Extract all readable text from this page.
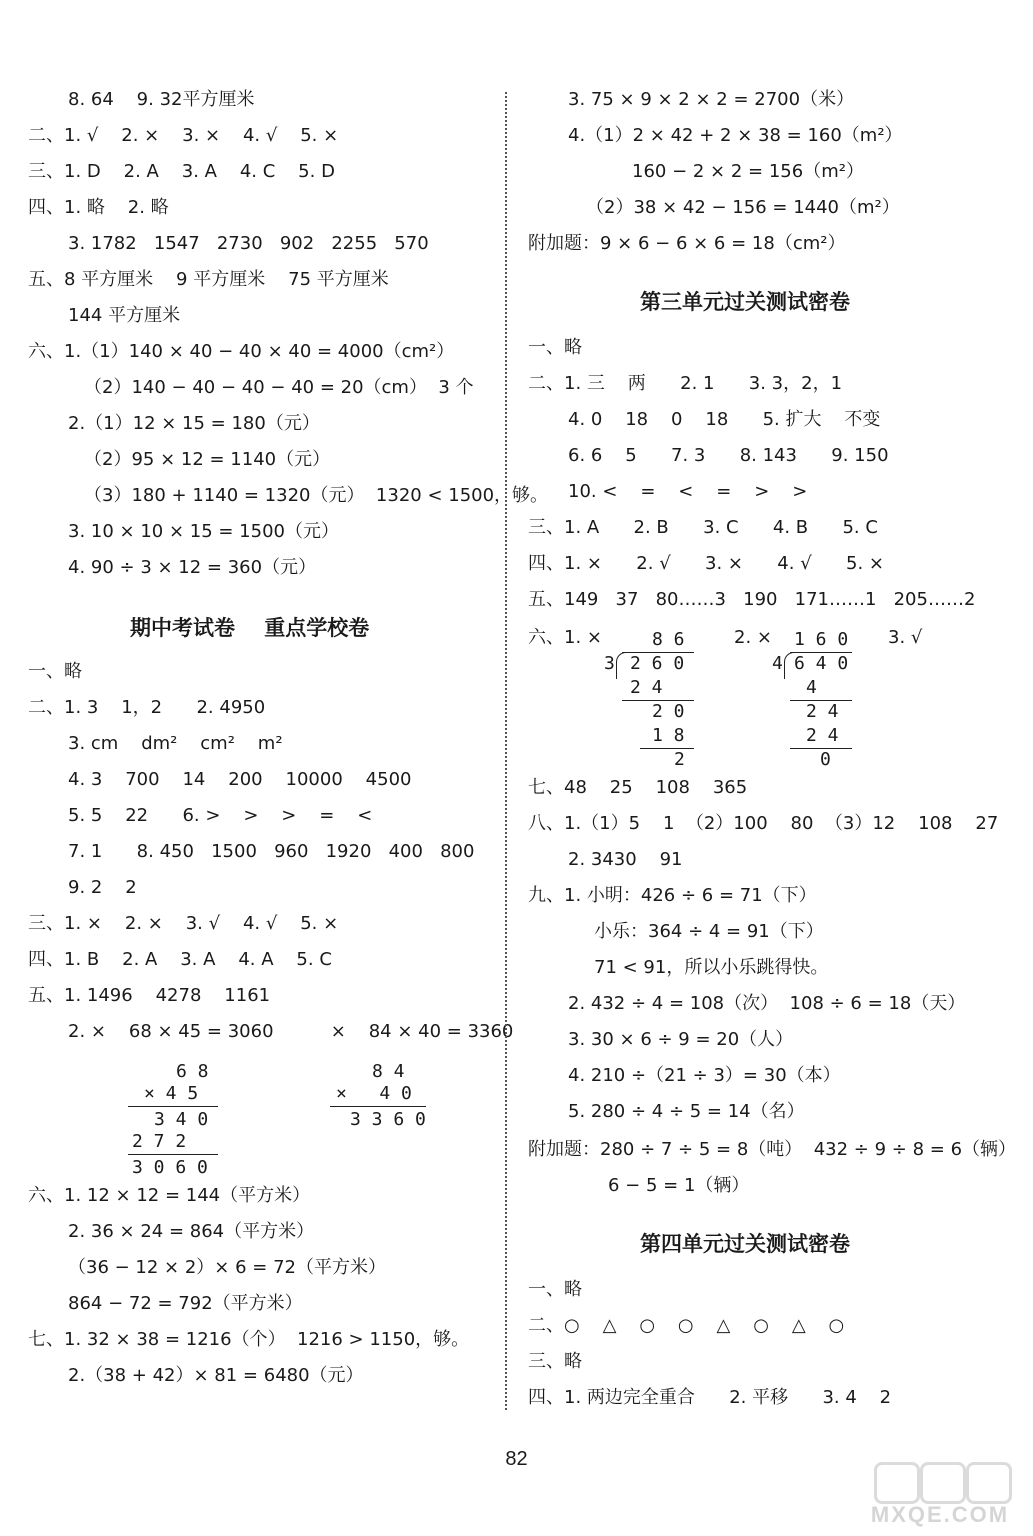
8. 64    9. 32平方厘米
二、1. √    2. ×    3. ×    4. √    5. ×
三、1. D    2. A    3. A    4. C    5. D
四、1. 略    2. 略
3. 1782   1547   2730   902   2255   570
五、8 平方厘米    9 平方厘米    75 平方厘米
144 平方厘米
六、1.（1）140 × 40 − 40 × 40 = 4000（cm²）
（2）140 − 40 − 40 − 40 = 20（cm）  3 个
2.（1）12 × 15 = 180（元）
（2）95 × 12 = 1140（元）
（3）180 + 1140 = 1320（元）  1320 < 1500，够。
3. 10 × 10 × 15 = 1500（元）
4. 90 ÷ 3 × 12 = 360（元）
期中考试卷    重点学校卷
一、略
二、1. 3    1，2      2. 4950
3. cm    dm²    cm²    m²
4. 3    700    14    200    10000    4500
5. 5    22      6. >    >    >    =    <
7. 1      8. 450   1500   960   1920   400   800
9. 2    2
三、1. ×    2. ×    3. √    4. √    5. ×
四、1. B    2. A    3. A    4. A    5. C
五、1. 1496    4278    1161
2. ×    68 × 45 = 3060          ×    84 × 40 = 3360
6 8
× 4 5
3 4 0
2 7 2
3 0 6 0
8 4
×   4 0
3 3 6 0
六、1. 12 × 12 = 144（平方米）
2. 36 × 24 = 864（平方米）
（36 − 12 × 2）× 6 = 72（平方米）
864 − 72 = 792（平方米）
七、1. 32 × 38 = 1216（个）  1216 > 1150，够。
2.（38 + 42）× 81 = 6480（元）
3. 75 × 9 × 2 × 2 = 2700（米）
4.（1）2 × 42 + 2 × 38 = 160（m²）
160 − 2 × 2 = 156（m²）
（2）38 × 42 − 156 = 1440（m²）
附加题：9 × 6 − 6 × 6 = 18（cm²）
第三单元过关测试密卷
一、略
二、1. 三    两      2. 1      3. 3，2，1
4. 0    18    0    18      5. 扩大    不变
6. 6    5      7. 3      8. 143      9. 150
10. <    =    <    =    >    >
三、1. A      2. B      3. C      4. B      5. C
四、1. ×      2. √      3. ×      4. √      5. ×
五、149   37   80……3   190   171……1   205……2
六、1. ×	2. ×	3. √
8 6
3 2 6 0
2 4
2 0
1 8
2
1 6 0
4 6 4 0
4
2 4
2 4
0
七、48    25    108    365
八、1.（1）5    1  （2）100    80  （3）12    108    27
2. 3430    91
九、1. 小明：426 ÷ 6 = 71（下）
小乐：364 ÷ 4 = 91（下）
71 < 91，所以小乐跳得快。
2. 432 ÷ 4 = 108（次）  108 ÷ 6 = 18（天）
3. 30 × 6 ÷ 9 = 20（人）
4. 210 ÷（21 ÷ 3）= 30（本）
5. 280 ÷ 4 ÷ 5 = 14（名）
附加题：280 ÷ 7 ÷ 5 = 8（吨）  432 ÷ 9 ÷ 8 = 6（辆）
6 − 5 = 1（辆）
第四单元过关测试密卷
一、略
二、○    △    ○    ○    △    ○    △    ○
三、略
四、1. 两边完全重合      2. 平移      3. 4    2
82
MXQE.COM
